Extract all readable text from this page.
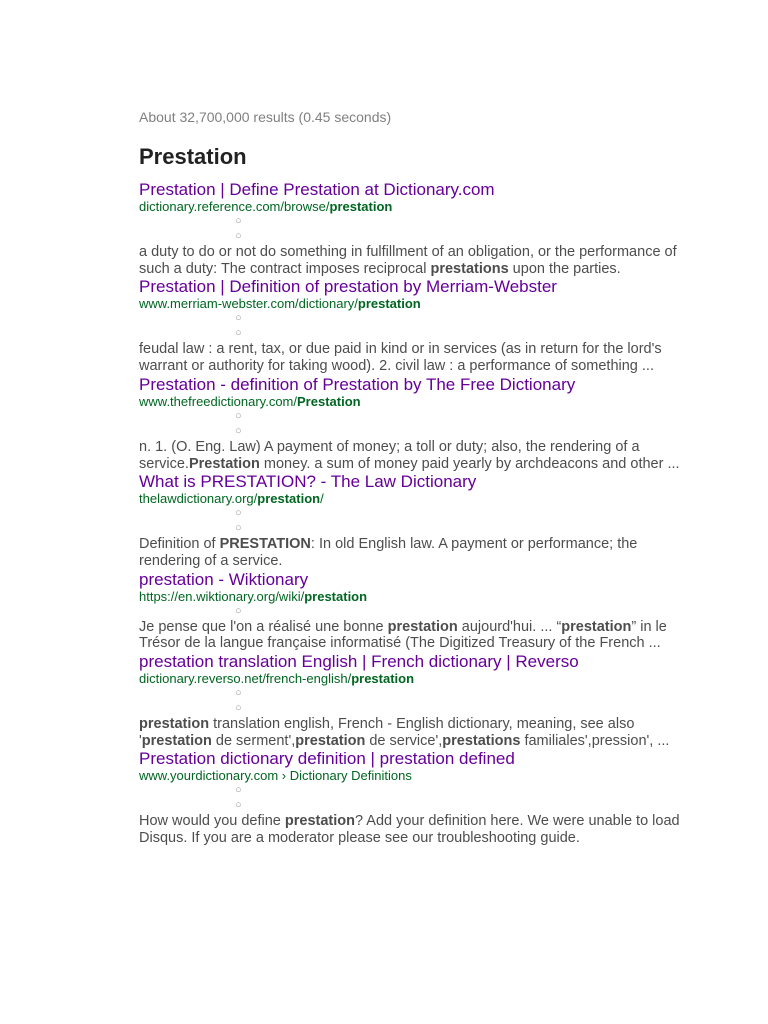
About 32,700,000 results (0.45 seconds)

Prestation
Prestation | Define Prestation at Dictionary.com
dictionary.reference.com/browse/prestation
○
○

a duty to do or not do something in fulfillment of an obligation, or the performance of such a duty: The contract imposes reciprocal prestations upon the parties.

Prestation | Definition of prestation by Merriam-Webster
www.merriam-webster.com/dictionary/prestation
○
○

feudal law : a rent, tax, or due paid in kind or in services (as in return for the lord's warrant or authority for taking wood). 2. civil law : a performance of something ...

Prestation - definition of Prestation by The Free Dictionary
www.thefreedictionary.com/Prestation
○
○

n. 1. (O. Eng. Law) A payment of money; a toll or duty; also, the rendering of a service.Prestation money. a sum of money paid yearly by archdeacons and other ...

What is PRESTATION? - The Law Dictionary
thelawdictionary.org/prestation/
○
○

Definition of PRESTATION: In old English law. A payment or performance; the rendering of a service.

prestation - Wiktionary
https://en.wiktionary.org/wiki/prestation
○

Je pense que l'on a réalisé une bonne prestation aujourd'hui. ... “prestation” in le Trésor de la langue française informatisé (The Digitized Treasury of the French ...

prestation translation English | French dictionary | Reverso
dictionary.reverso.net/french-english/prestation
○
○

prestation translation english, French - English dictionary, meaning, see also 'prestation de serment',prestation de service',prestations familiales',pression', ...

Prestation dictionary definition | prestation defined
www.yourdictionary.com › Dictionary Definitions
○
○

How would you define prestation? Add your definition here. We were unable to load Disqus. If you are a moderator please see our troubleshooting guide.
